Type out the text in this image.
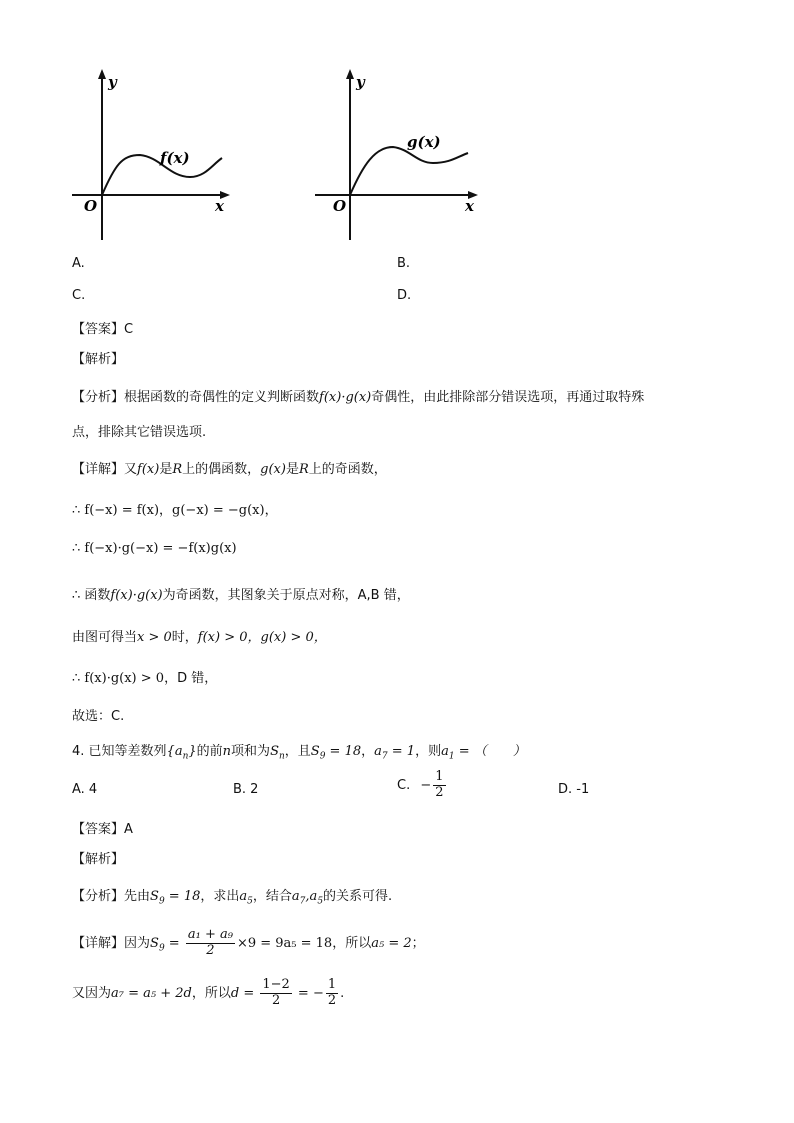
y
x
O
f(x)
y
x
O
g(x)
A.	B.
C.	D.
【答案】C
【解析】
【分析】根据函数的奇偶性的定义判断函数f(x)·g(x)奇偶性，由此排除部分错误选项，再通过取特殊
点，排除其它错误选项.
【详解】又f(x)是R上的偶函数，g(x)是R上的奇函数，
∴ f(−x) = f(x)，g(−x) = −g(x)，
∴ f(−x)·g(−x) = −f(x)g(x)
∴ 函数f(x)·g(x)为奇函数，其图象关于原点对称，A,B 错，
由图可得当x > 0时，f(x) > 0，g(x) > 0，
∴ f(x)·g(x) > 0，D 错，
故选：C.
4. 已知等差数列$\{a_n\}$的前n项和为$S_n$，且$S_9 = 18$，$a_7 = 1$，则$a_1$ = （　　）
A. 4	B. 2	C. − $\frac{1}{2}$	D. -1
【答案】A
【解析】
【分析】先由$S_9 = 18$，求出$a_5$，结合$a_7,a_5$的关系可得.
【详解】因为$S_9 = \frac{\text{a₁ + a₉}}{2} \times 9 = 9a_5 = 18$，所以a₅ = 2；
又因为a₇ = a₅ + 2d，所以$d = \frac{1-2}{2}$ = − $\frac{1}{2}$ .
